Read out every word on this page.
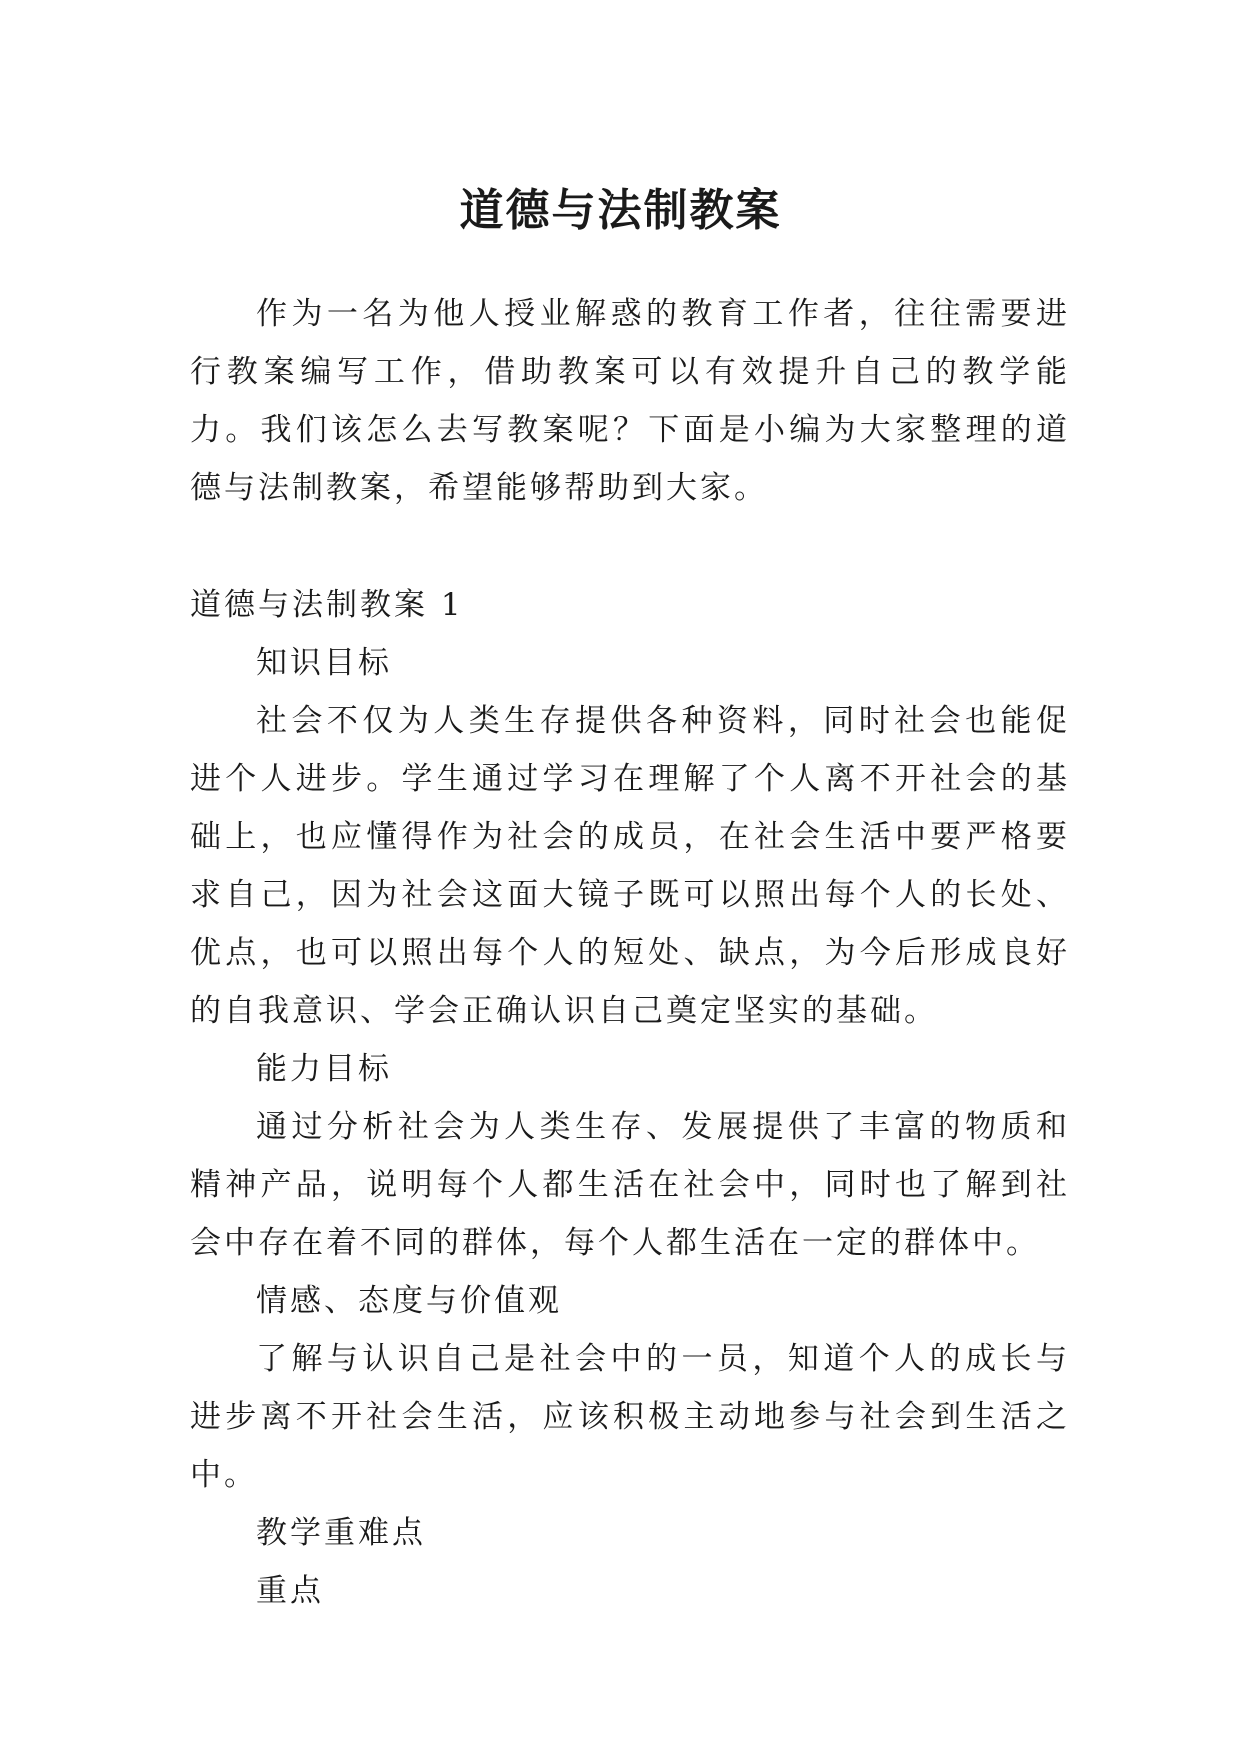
道德与法制教案

作为一名为他人授业解惑的教育工作者，往往需要进行教案编写工作，借助教案可以有效提升自己的教学能力。我们该怎么去写教案呢？下面是小编为大家整理的道德与法制教案，希望能够帮助到大家。

道德与法制教案 1

知识目标

社会不仅为人类生存提供各种资料，同时社会也能促进个人进步。学生通过学习在理解了个人离不开社会的基础上，也应懂得作为社会的成员，在社会生活中要严格要求自己，因为社会这面大镜子既可以照出每个人的长处、优点，也可以照出每个人的短处、缺点，为今后形成良好的自我意识、学会正确认识自己奠定坚实的基础。

能力目标

通过分析社会为人类生存、发展提供了丰富的物质和精神产品，说明每个人都生活在社会中，同时也了解到社会中存在着不同的群体，每个人都生活在一定的群体中。

情感、态度与价值观

了解与认识自己是社会中的一员，知道个人的成长与进步离不开社会生活，应该积极主动地参与社会到生活之中。

教学重难点

重点
